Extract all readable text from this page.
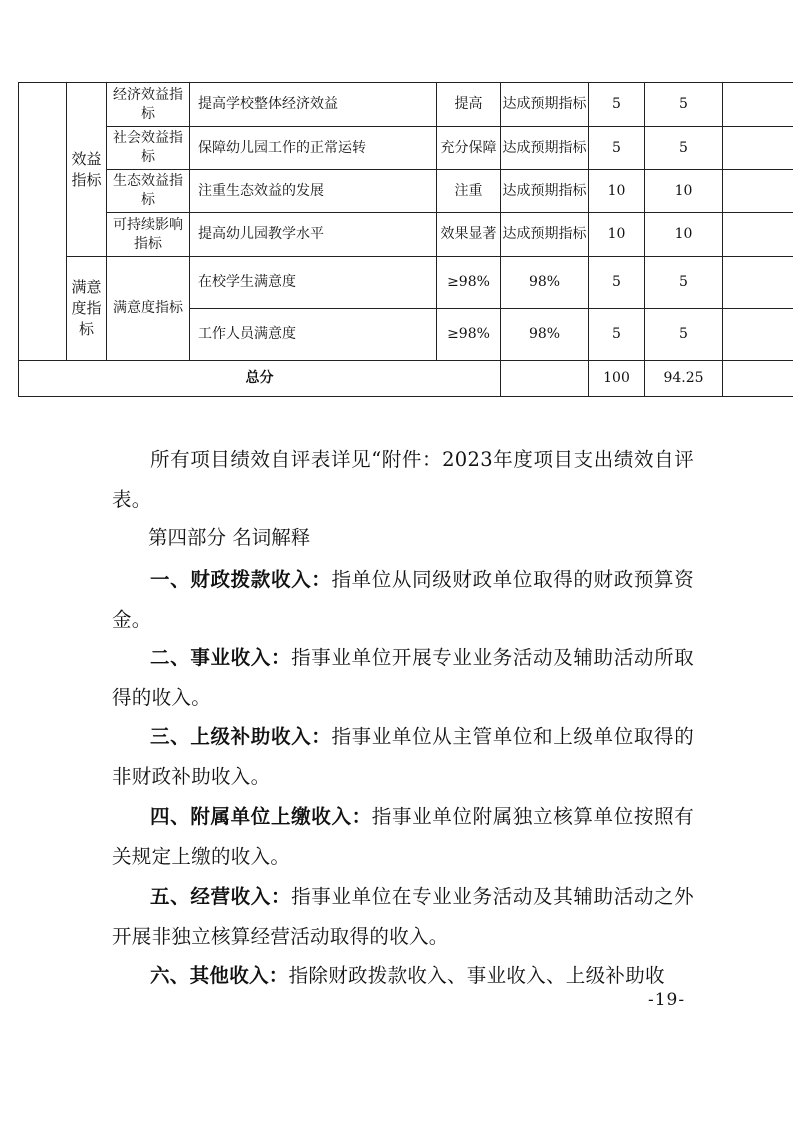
	效益指标	经济效益指标	提高学校整体经济效益	提高	达成预期指标	5	5	
		社会效益指标	保障幼儿园工作的正常运转	充分保障	达成预期指标	5	5	
		生态效益指标	注重生态效益的发展	注重	达成预期指标	10	10	
		可持续影响指标	提高幼儿园教学水平	效果显著	达成预期指标	10	10	
	满意度指标	满意度指标	在校学生满意度	≥98%	98%	5	5	
			工作人员满意度	≥98%	98%	5	5	
总分						100	94.25	
所有项目绩效自评表详见“附件：2023年度项目支出绩效自评表。
第四部分 名词解释
一、财政拨款收入：指单位从同级财政单位取得的财政预算资金。
二、事业收入：指事业单位开展专业业务活动及辅助活动所取得的收入。
三、上级补助收入：指事业单位从主管单位和上级单位取得的非财政补助收入。
四、附属单位上缴收入：指事业单位附属独立核算单位按照有关规定上缴的收入。
五、经营收入：指事业单位在专业业务活动及其辅助活动之外开展非独立核算经营活动取得的收入。
六、其他收入：指除财政拨款收入、事业收入、上级补助收
-19-
